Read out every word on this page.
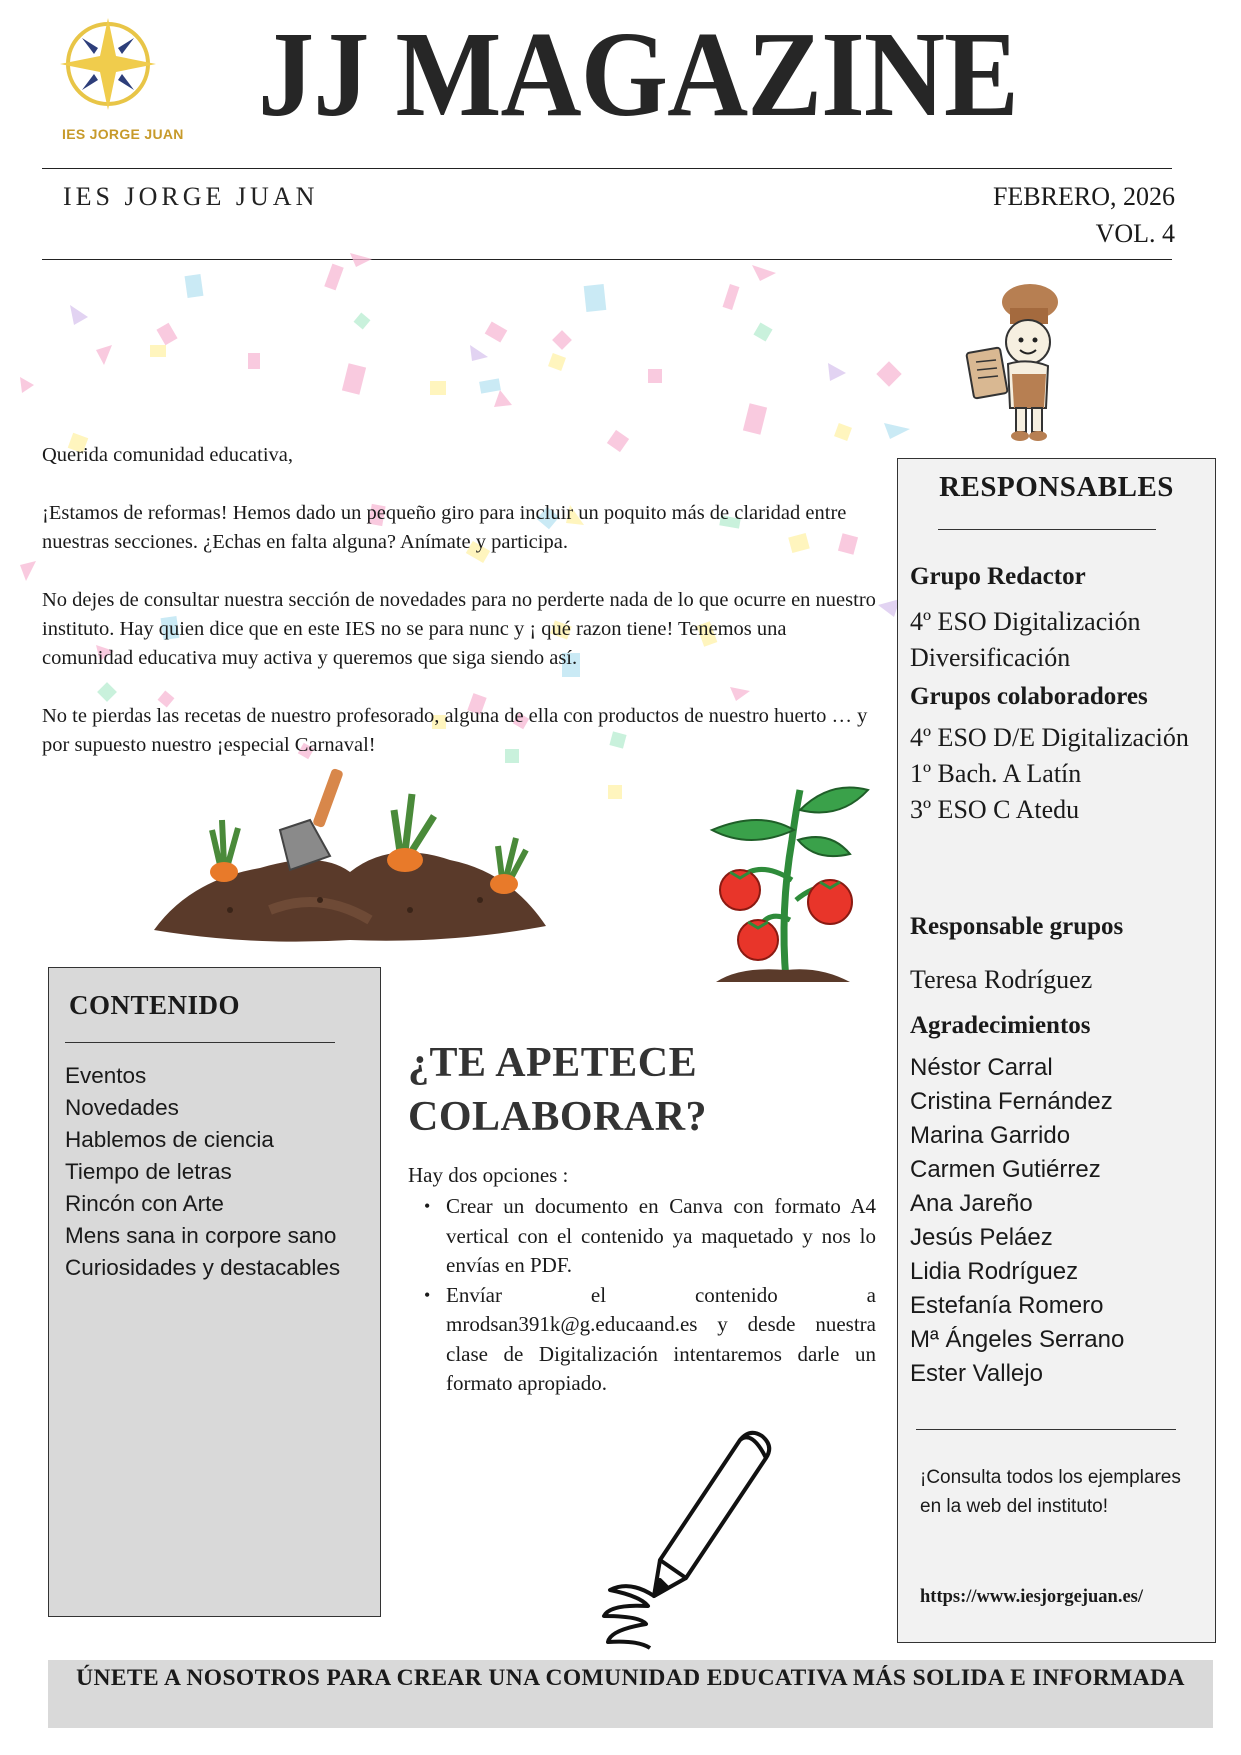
IES JORGE JUAN JJ MAGAZINE
IES JORGE JUAN	FEBRERO, 2026
VOL. 4

Querida comunidad educativa,

¡Estamos de reformas! Hemos dado un pequeño giro para incluir un poquito más de claridad entre nuestras secciones. ¿Echas en falta alguna? Anímate y participa.

No dejes de consultar nuestra sección de novedades para no perderte nada de lo que ocurre en nuestro instituto. Hay quien dice que en este IES no se para nunc y ¡ qué razon tiene! Tenemos una comunidad educativa muy activa y queremos que siga siendo así.

No te pierdas las recetas de nuestro profesorado, alguna de ella con productos de nuestro huerto … y por supuesto nuestro ¡especial Carnaval!

RESPONSABLES
Grupo Redactor
4º ESO Digitalización
Diversificación
Grupos colaboradores
4º ESO D/E Digitalización
1º Bach. A Latín
3º ESO C Atedu
Responsable grupos
Teresa Rodríguez
Agradecimientos
Néstor Carral
Cristina Fernández
Marina Garrido
Carmen Gutiérrez
Ana Jareño
Jesús Peláez
Lidia Rodríguez
Estefanía Romero
Mª Ángeles Serrano
Ester Vallejo
¡Consulta todos los ejemplares en la web del instituto!
https://www.iesjorgejuan.es/
CONTENIDO
Eventos
Novedades
Hablemos de ciencia
Tiempo de letras
Rincón con Arte
Mens sana in corpore sano
Curiosidades y destacables
¿TE APETECE COLABORAR?
Hay dos opciones :
• Crear un documento en Canva con formato A4 vertical con el contenido ya maquetado y nos lo envías en PDF.
• Envíar el contenido a mrodsan391k@g.educaand.es y desde nuestra clase de Digitalización intentaremos darle un formato apropiado.
ÚNETE A NOSOTROS PARA CREAR UNA COMUNIDAD EDUCATIVA MÁS SOLIDA E INFORMADA
